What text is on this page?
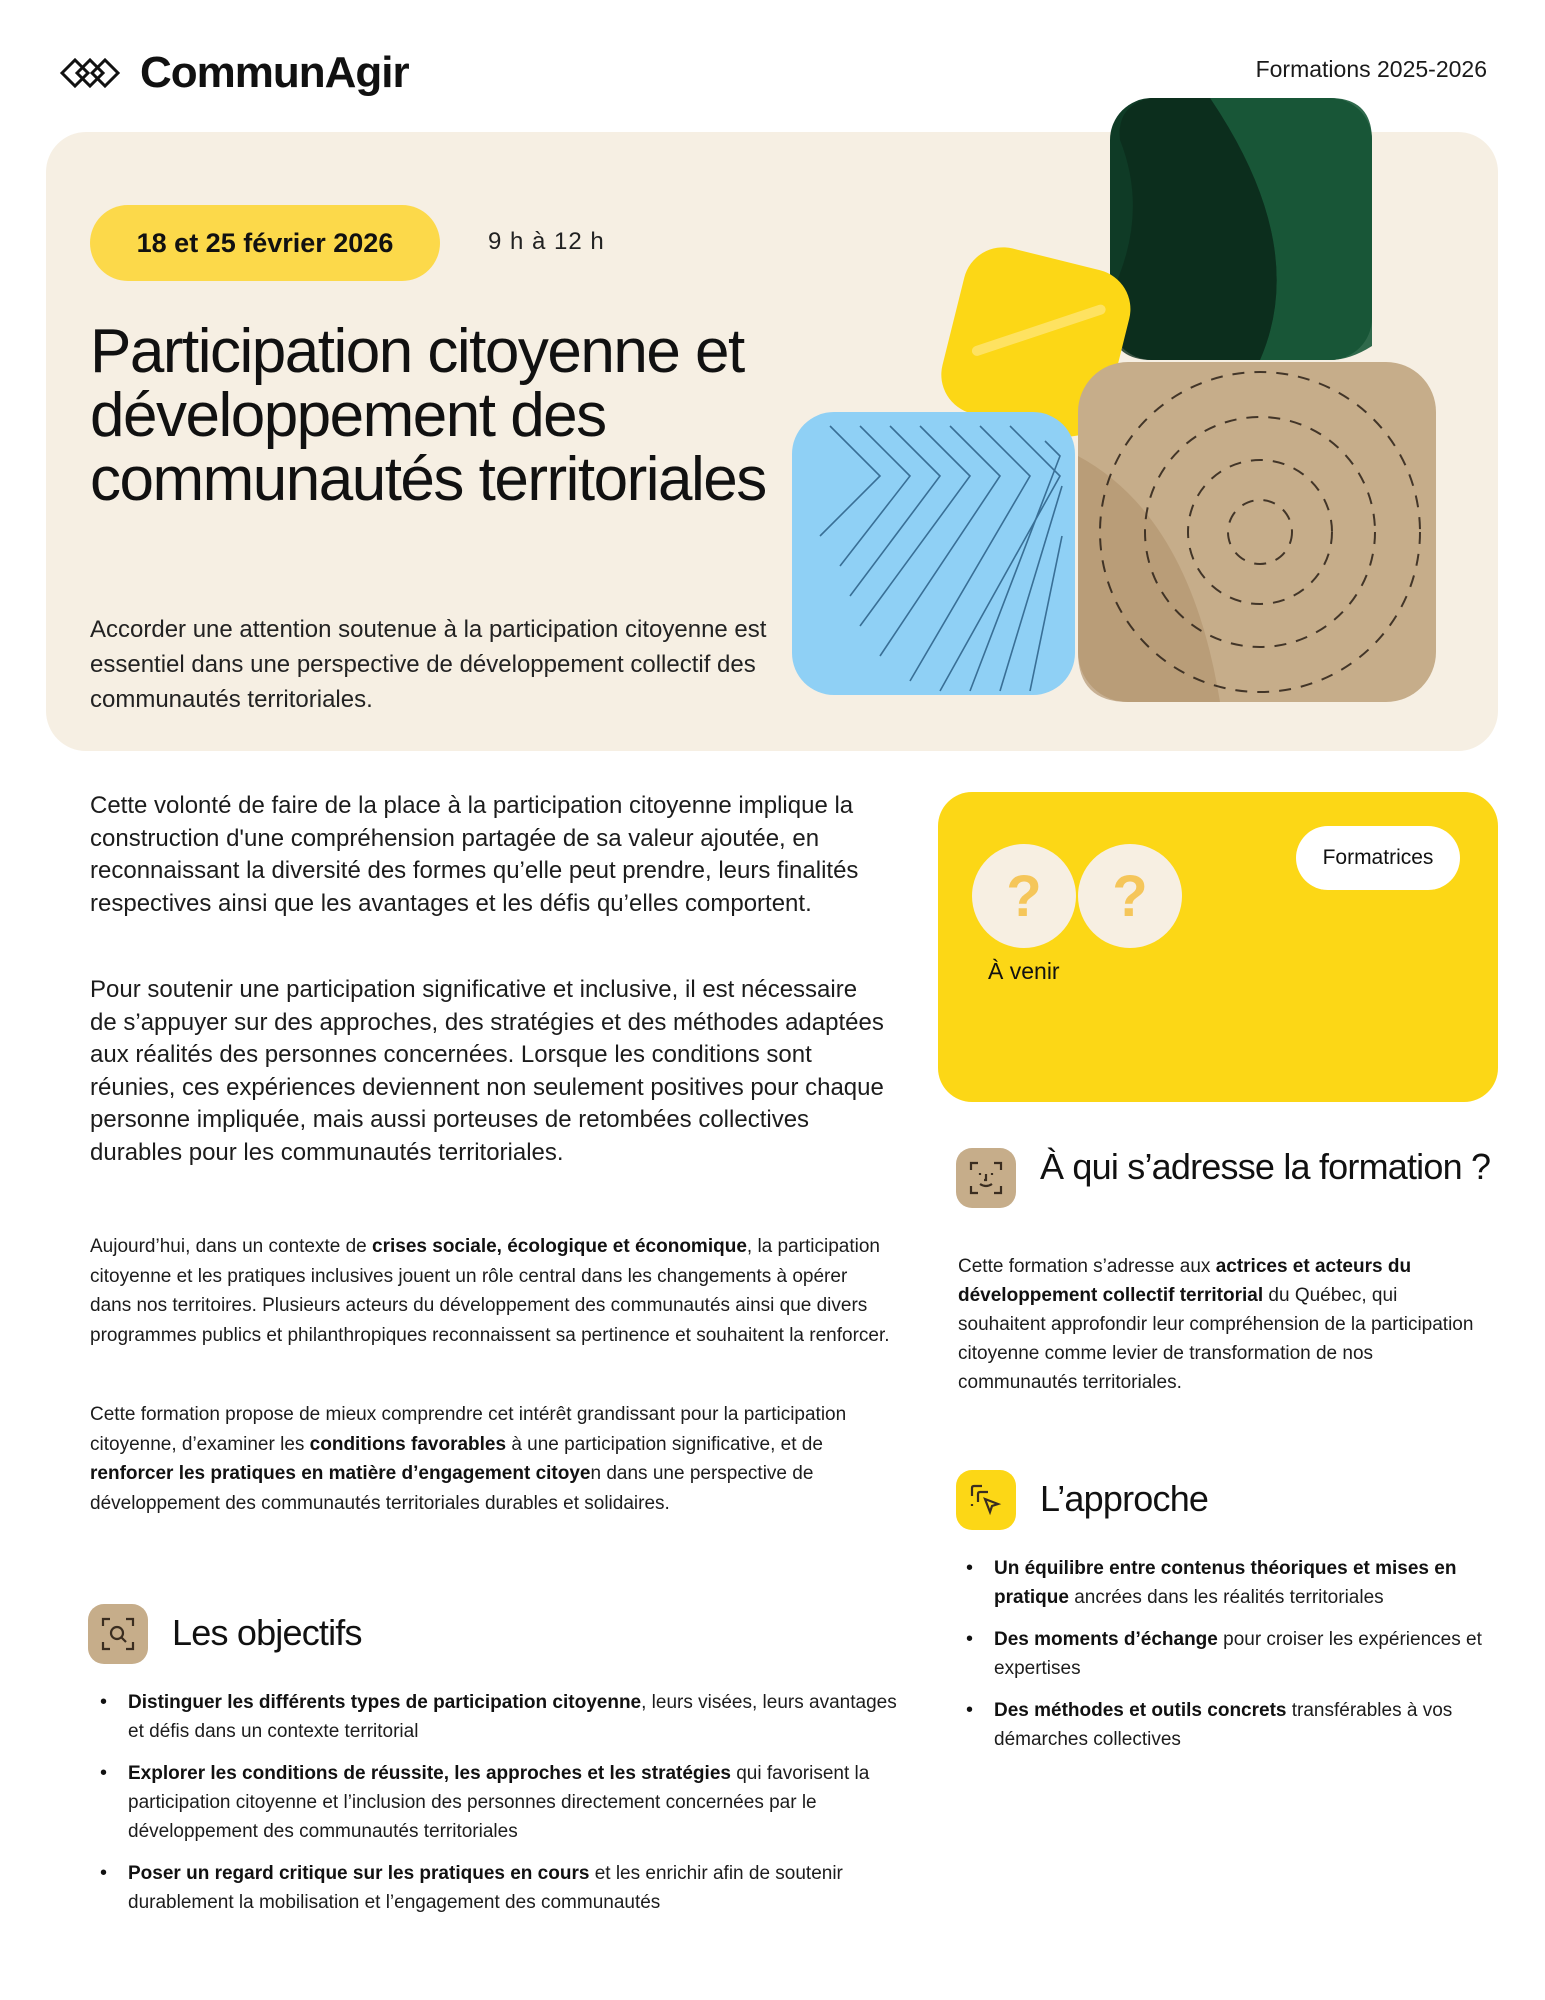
CommunAgir	Formations 2025-2026
18 et 25 février 2026	9 h à 12 h
Participation citoyenne et développement des communautés territoriales
Accorder une attention soutenue à la participation citoyenne est essentiel dans une perspective de développement collectif des communautés territoriales.

Cette volonté de faire de la place à la participation citoyenne implique la construction d'une compréhension partagée de sa valeur ajoutée, en reconnaissant la diversité des formes qu’elle peut prendre, leurs finalités respectives ainsi que les avantages et les défis qu’elles comportent.

Pour soutenir une participation significative et inclusive, il est nécessaire de s’appuyer sur des approches, des stratégies et des méthodes adaptées aux réalités des personnes concernées. Lorsque les conditions sont réunies, ces expériences deviennent non seulement positives pour chaque personne impliquée, mais aussi porteuses de retombées collectives durables pour les communautés territoriales.

Aujourd’hui, dans un contexte de crises sociale, écologique et économique, la participation citoyenne et les pratiques inclusives jouent un rôle central dans les changements à opérer dans nos territoires. Plusieurs acteurs du développement des communautés ainsi que divers programmes publics et philanthropiques reconnaissent sa pertinence et souhaitent la renforcer.

Cette formation propose de mieux comprendre cet intérêt grandissant pour la participation citoyenne, d’examiner les conditions favorables à une participation significative, et de renforcer les pratiques en matière d’engagement citoyen dans une perspective de développement des communautés territoriales durables et solidaires.

Les objectifs
• Distinguer les différents types de participation citoyenne, leurs visées, leurs avantages et défis dans un contexte territorial
• Explorer les conditions de réussite, les approches et les stratégies qui favorisent la participation citoyenne et l’inclusion des personnes directement concernées par le développement des communautés territoriales
• Poser un regard critique sur les pratiques en cours et les enrichir afin de soutenir durablement la mobilisation et l’engagement des communautés
?	?
Formatrices
À venir
À qui s’adresse la formation ?

Cette formation s’adresse aux actrices et acteurs du développement collectif territorial du Québec, qui souhaitent approfondir leur compréhension de la participation citoyenne comme levier de transformation de nos communautés territoriales.

L’approche
• Un équilibre entre contenus théoriques et mises en pratique ancrées dans les réalités territoriales
• Des moments d’échange pour croiser les expériences et expertises
• Des méthodes et outils concrets transférables à vos démarches collectives
